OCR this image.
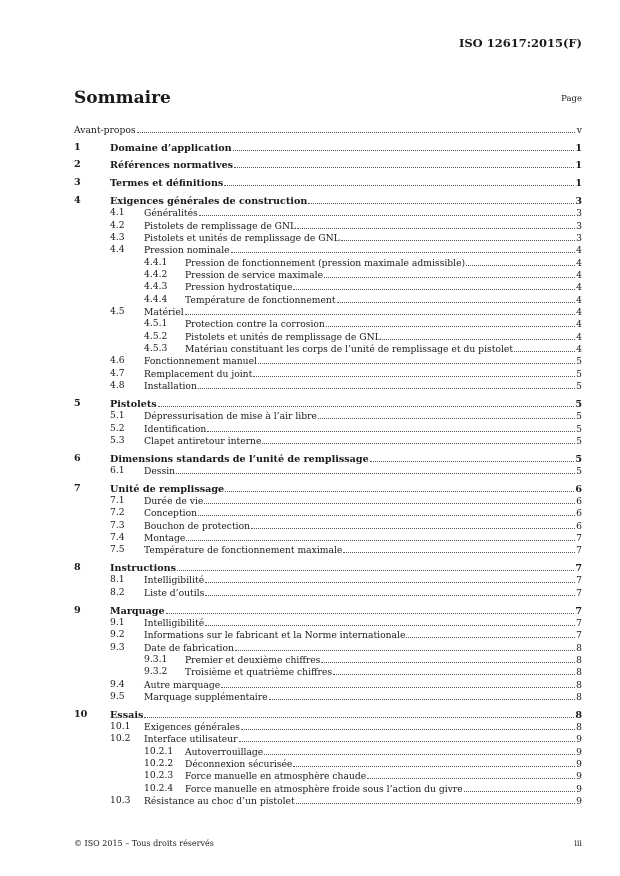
ISO 12617:2015(F)
Sommaire	Page
Avant-propos	v
1	Domaine d’application	1
2	Références normatives	1
3	Termes et définitions	1
4	Exigences générales de construction	3
4.1 Généralités	3
4.2 Pistolets de remplissage de GNL	3
4.3 Pistolets et unités de remplissage de GNL	3
4.4 Pression nominale	4
4.4.1 Pression de fonctionnement (pression maximale admissible)	4
4.4.2 Pression de service maximale	4
4.4.3 Pression hydrostatique	4
4.4.4 Température de fonctionnement	4
4.5 Matériel	4
4.5.1 Protection contre la corrosion	4
4.5.2 Pistolets et unités de remplissage de GNL	4
4.5.3 Matériau constituant les corps de l’unité de remplissage et du pistolet	4
4.6 Fonctionnement manuel	5
4.7 Remplacement du joint	5
4.8 Installation	5
5	Pistolets	5
5.1 Dépressurisation de mise à l’air libre	5
5.2 Identification	5
5.3 Clapet antiretour interne	5
6	Dimensions standards de l’unité de remplissage	5
6.1 Dessin	5
7	Unité de remplissage	6
7.1 Durée de vie	6
7.2 Conception	6
7.3 Bouchon de protection	6
7.4 Montage	7
7.5 Température de fonctionnement maximale	7
8	Instructions	7
8.1 Intelligibilité	7
8.2 Liste d’outils	7
9	Marquage	7
9.1 Intelligibilité	7
9.2 Informations sur le fabricant et la Norme internationale	7
9.3 Date de fabrication	8
9.3.1 Premier et deuxième chiffres	8
9.3.2 Troisième et quatrième chiffres	8
9.4 Autre marquage	8
9.5 Marquage supplémentaire	8
10 Essais	8
10.1 Exigences générales	8
10.2 Interface utilisateur	9
10.2.1 Autoverrouillage	9
10.2.2 Déconnexion sécurisée	9
10.2.3 Force manuelle en atmosphère chaude	9
10.2.4 Force manuelle en atmosphère froide sous l’action du givre	9
10.3 Résistance au choc d’un pistolet	9
© ISO 2015 – Tous droits réservés	iii
